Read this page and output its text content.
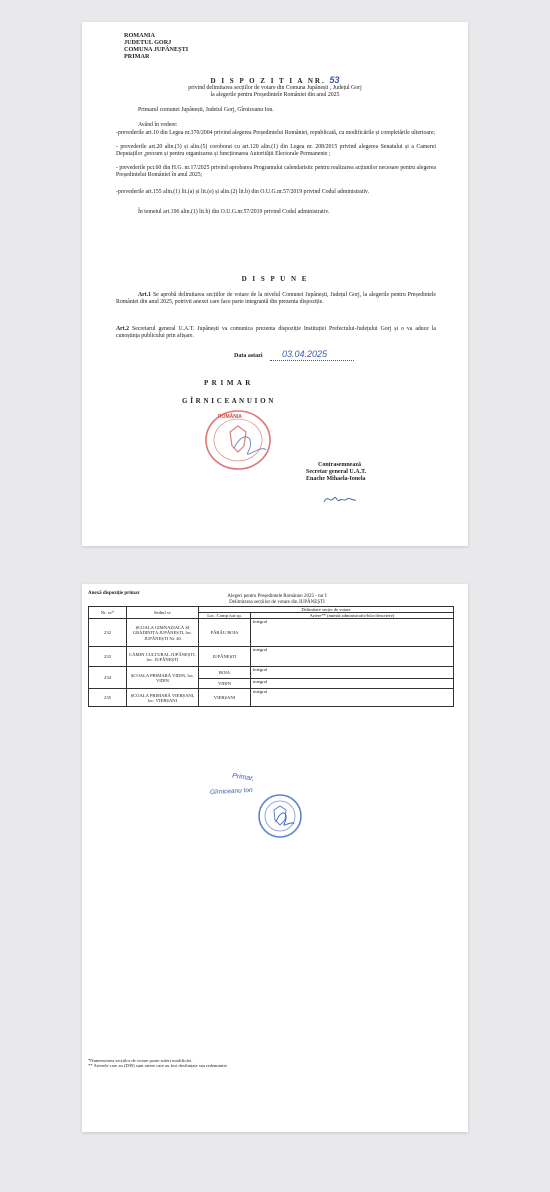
ROMANIA
JUDETUL GORJ
COMUNA JUPÂNEȘTI
PRIMAR
D I S P O Z I T I A NR. 53
privind delimitarea secțiilor de votare din Comuna Jupânești , Județul Gorj
la alegerile pentru Președintele României din anul 2025
Primarul comunei Jupânești, Judetul Gorj, Gîrniceanu Ion.
Având în vedere:
-prevederile art.10 din Legea nr.370/2004 privind alegerea Președintelui României, republicată, cu modificările și completările ulterioare;
- prevederile art.20 alin.(3) și alin.(5) coroborat cu art.120 alin.(1) din Legea nr. 208/2015 privind alegerea Senatului și a Camerei Deputaților ,precum și pentru organizarea și funcționarea Autorității Electorale Permanente ;
- prevederile pct.60 din H.G. nr.17/2025 privind aprobarea Programului calendaristic pentru realizarea acțiunilor necesare pentru alegerea Președintelui României în anul 2025;
-prevederile art.155 alin.(1) lit.(a) și lit.(e) și alin.(2) lit.b) din O.U.G.nr.57/2019 privind Codul administrativ.
În temeiul art.196 alin.(1) lit.b) din O.U.G.nr.57/2019 privind Codul administrativ.
D I S P U N E
Art.1 Se aprobă delimitarea secțiilor de votare de la nivelul Comunei Jupânești, Județul Gorj, la alegerile pentru Președintele României din anul 2025, potrivit anexei care face parte integrantă din prezenta dispoziție.
Art.2 Secretarul general U.A.T. Jupânești va comunica prezenta dispoziție Instituției Prefectului-Județului Gorj și o va aduce la cunoștința publicului prin afișare.
Data astazi 03.04.2025
P R I M A R
G Î R N I C E A N U I O N
ROMÂNIA
Contrasemnează
Secretar general U.A.T.
Enache Mihaela-Ionela
Anexă dispoziție primar
Alegeri pentru Președintele României 2025 - tur I
Delimitarea secțiilor de votare din JUPÂNEȘTI
Nr. sv*	Sediul sv	Delimitare secție de votare	
		Loc. Comp./sat sp.	Artere** (număr administrativ/bloc/descriere)
232	ȘCOALA GIMNAZIALĂ ȘI GRĂDINIȚA JUPÂNEȘTI, loc. JUPÂNEȘTI Nr. 40	PÂRÂU BOIA	integral
233	CĂMIN CULTURAL JUPÂNEȘTI, loc. JUPÂNEȘTI	JUPÂNEȘTI	integral
234	ȘCOALA PRIMARĂ VIDIN, loc. VIDIN	BOIA	integral
		VIDIN	integral
235	ȘCOALA PRIMARĂ VIERȘANI, loc. VIERȘANI	VIERȘANI	integral
Primar,
Gîrniceanu Ion
*Numerotarea secțiilor de votare poate suferi modificări.
** Arterele care au (D/R) sunt artere care au fost desființate sau redenumite.
